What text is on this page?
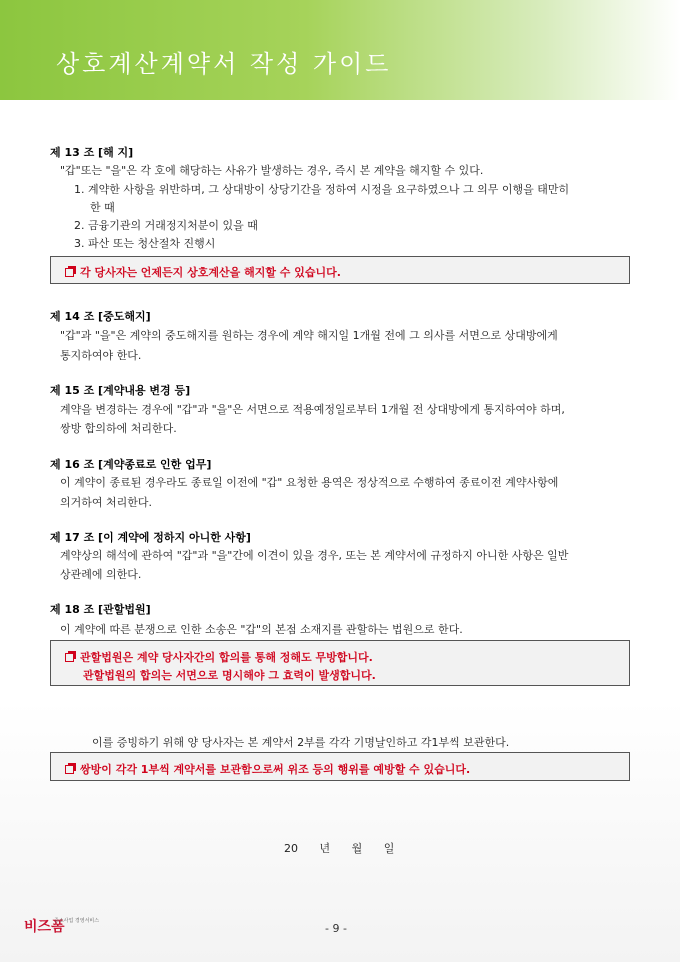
상호계산계약서 작성 가이드
제 13 조 [해 지]
"갑"또는 "을"은 각 호에 해당하는 사유가 발생하는 경우, 즉시 본 계약을 해지할 수 있다.
1. 계약한 사항을 위반하며, 그 상대방이 상당기간을 정하여 시정을 요구하였으나 그 의무 이행을 태만히
한 때
2. 금융기관의 거래정지처분이 있을 때
3. 파산 또는 청산절차 진행시
각 당사자는 언제든지 상호계산을 해지할 수 있습니다.
제 14 조 [중도해지]
"갑"과 "을"은 계약의 중도해지를 원하는 경우에 계약 해지일 1개월 전에 그 의사를 서면으로 상대방에게
통지하여야 한다.
제 15 조 [계약내용 변경 등]
계약을 변경하는 경우에 "갑"과 "을"은 서면으로 적용예정일로부터 1개월 전 상대방에게 통지하여야 하며,
쌍방 합의하에 처리한다.
제 16 조 [계약종료로 인한 업무]
이 계약이 종료된 경우라도 종료일 이전에 "갑" 요청한 용역은 정상적으로 수행하여 종료이전 계약사항에
의거하여 처리한다.
제 17 조 [이 계약에 정하지 아니한 사항]
계약상의 해석에 관하여 "갑"과 "을"간에 이견이 있을 경우, 또는 본 계약서에 규정하지 아니한 사항은 일반
상관례에 의한다.
제 18 조 [관할법원]
이 계약에 따른 분쟁으로 인한 소송은 "갑"의 본점 소재지를 관할하는 법원으로 한다.
관할법원은 계약 당사자간의 합의를 통해 정해도 무방합니다.
관할법원의 합의는 서면으로 명시해야 그 효력이 발생합니다.
이를 증빙하기 위해 양 당사자는 본 계약서 2부를 각각 기명날인하고 각1부씩 보관한다.
쌍방이 각각 1부씩 계약서를 보관함으로써 위조 등의 행위를 예방할 수 있습니다.
20 년 월 일
비즈폼
중소사업 경영서비스
- 9 -
